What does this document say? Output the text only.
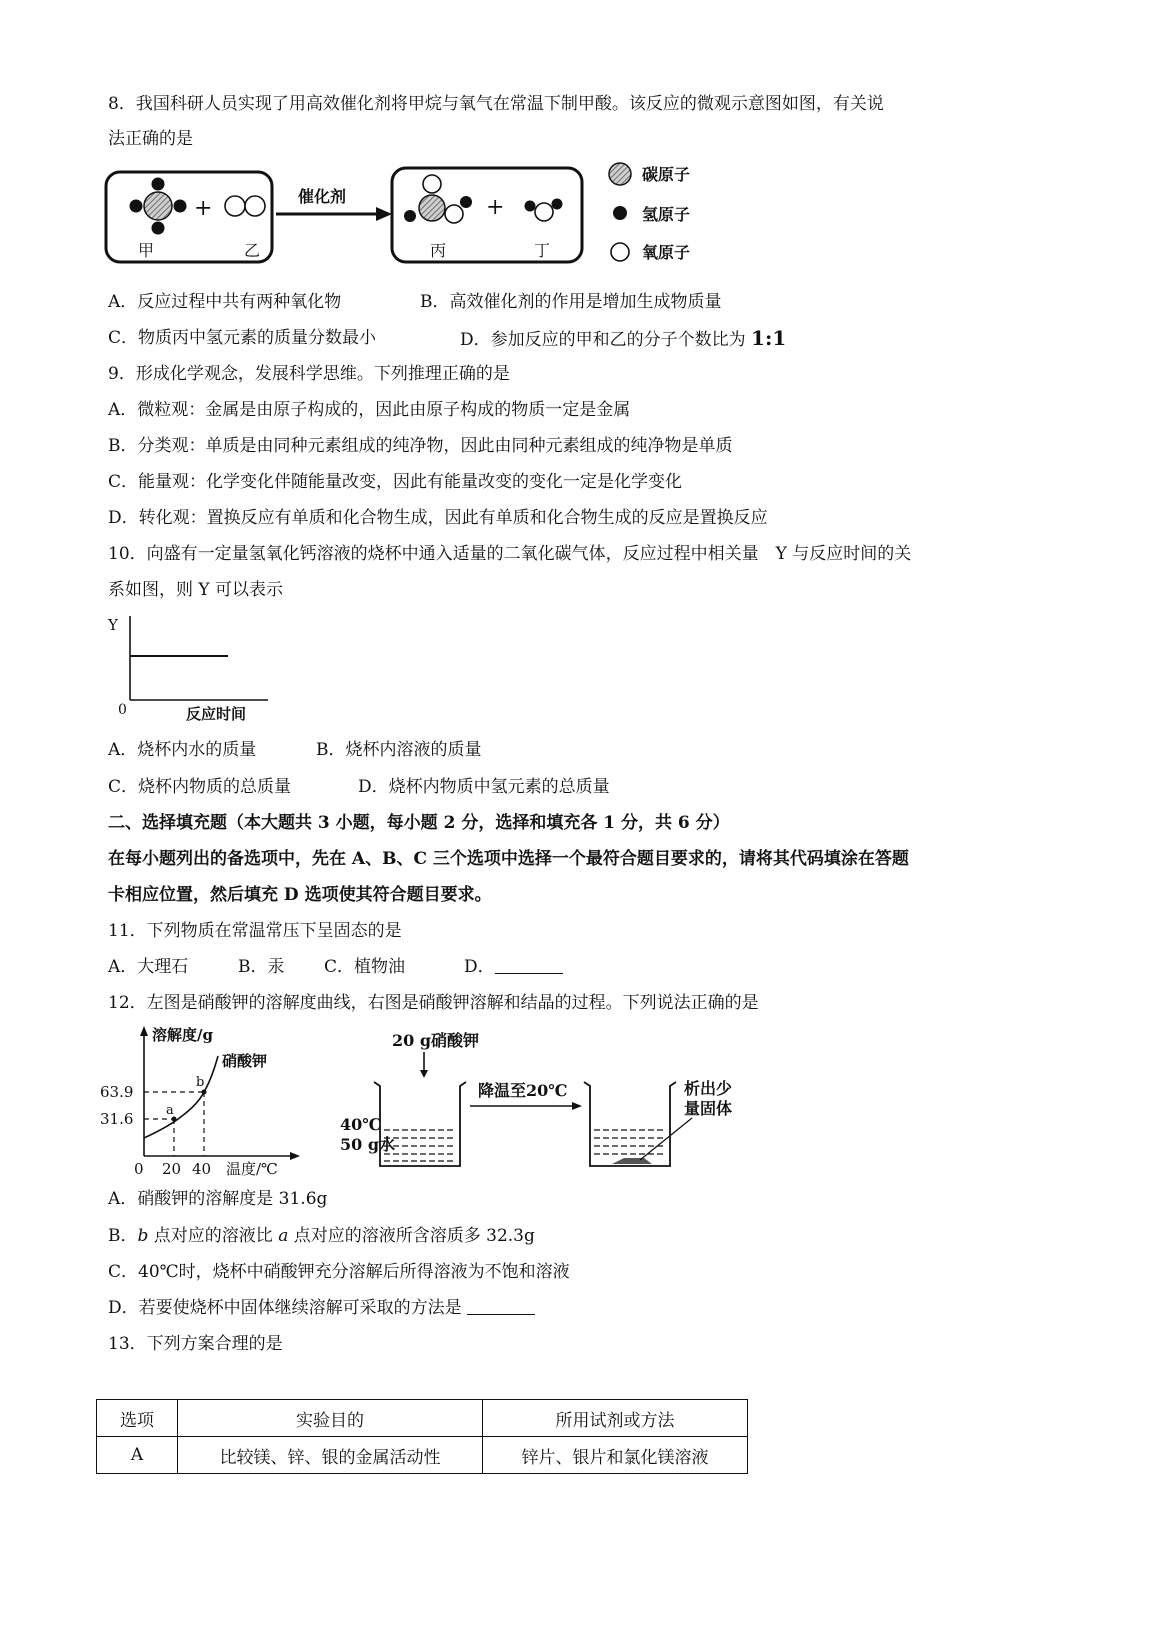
8．我国科研人员实现了用高效催化剂将甲烷与氧气在常温下制甲酸。该反应的微观示意图如图，有关说
法正确的是
+
甲	乙
催化剂	+
丙	丁
碳原子
氢原子
氧原子
A．反应过程中共有两种氧化物	B．高效催化剂的作用是增加生成物质量
C．物质丙中氢元素的质量分数最小	D．参加反应的甲和乙的分子个数比为 1:1
9．形成化学观念，发展科学思维。下列推理正确的是
A．微粒观：金属是由原子构成的，因此由原子构成的物质一定是金属
B．分类观：单质是由同种元素组成的纯净物，因此由同种元素组成的纯净物是单质
C．能量观：化学变化伴随能量改变，因此有能量改变的变化一定是化学变化
D．转化观：置换反应有单质和化合物生成，因此有单质和化合物生成的反应是置换反应
10．向盛有一定量氢氧化钙溶液的烧杯中通入适量的二氧化碳气体，反应过程中相关量　Y 与反应时间的关
系如图，则 Y 可以表示
Y
0	反应时间
A．烧杯内水的质量	B．烧杯内溶液的质量
C．烧杯内物质的总质量	D．烧杯内物质中氢元素的总质量
二、选择填充题（本大题共 3 小题，每小题 2 分，选择和填充各 1 分，共 6 分）
在每小题列出的备选项中，先在 A、B、C 三个选项中选择一个最符合题目要求的，请将其代码填涂在答题
卡相应位置，然后填充 D 选项使其符合题目要求。
11．下列物质在常温常压下呈固态的是
A．大理石	B．汞 C．植物油	D．
12．左图是硝酸钾的溶解度曲线，右图是硝酸钾溶解和结晶的过程。下列说法正确的是
溶解度/g
硝酸钾
a
b
63.9
31.6
0 20 40 温度/℃
20 g硝酸钾
40℃
50 g水
降温至20℃	析出少
量固体
A．硝酸钾的溶解度是 31.6g
B．b 点对应的溶液比 a 点对应的溶液所含溶质多 32.3g
C．40℃时，烧杯中硝酸钾充分溶解后所得溶液为不饱和溶液
D．若要使烧杯中固体继续溶解可采取的方法是
13．下列方案合理的是
选项	实验目的	所用试剂或方法
A	比较镁、锌、银的金属活动性	锌片、银片和氯化镁溶液
